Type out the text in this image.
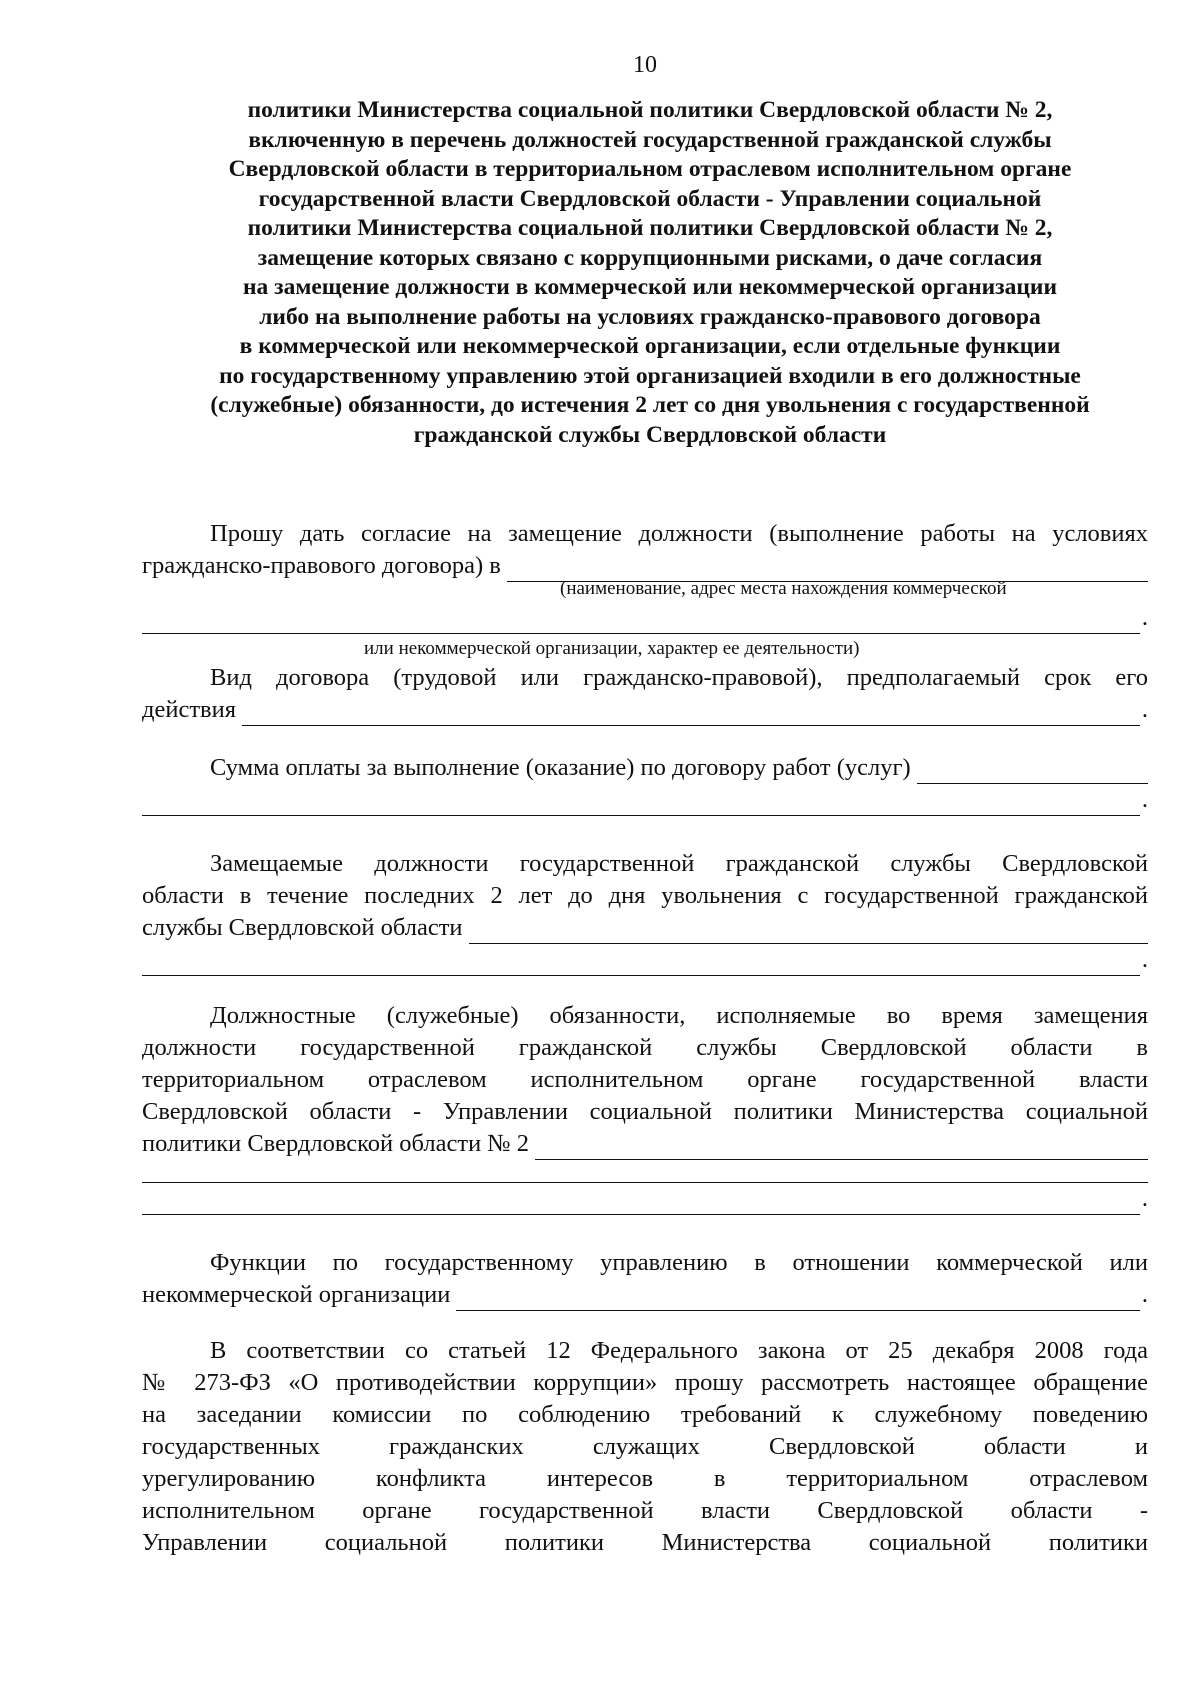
10
политики Министерства социальной политики Свердловской области № 2,
включенную в перечень должностей государственной гражданской службы
Свердловской области в территориальном отраслевом исполнительном органе
государственной власти Свердловской области - Управлении социальной
политики Министерства социальной политики Свердловской области № 2,
замещение которых связано с коррупционными рисками, о даче согласия
на замещение должности в коммерческой или некоммерческой организации
либо на выполнение работы на условиях гражданско-правового договора
в коммерческой или некоммерческой организации, если отдельные функции
по государственному управлению этой организацией входили в его должностные
(служебные) обязанности, до истечения 2 лет со дня увольнения с государственной
гражданской службы Свердловской области
Прошу дать согласие на замещение должности (выполнение работы на условиях
гражданско-правового договора) в
(наименование, адрес места нахождения коммерческой
.
или некоммерческой организации, характер ее деятельности)
Вид договора (трудовой или гражданско-правовой), предполагаемый срок его
действия	.
Сумма оплаты за выполнение (оказание) по договору работ (услуг)
.
Замещаемые должности государственной гражданской службы Свердловской
области в течение последних 2 лет до дня увольнения с государственной гражданской
службы Свердловской области
.
Должностные (служебные) обязанности, исполняемые во время замещения
должности государственной гражданской службы Свердловской области в
территориальном отраслевом исполнительном органе государственной власти
Свердловской области - Управлении социальной политики Министерства социальной
политики Свердловской области № 2
.
Функции по государственному управлению в отношении коммерческой или
некоммерческой организации	.
В соответствии со статьей 12 Федерального закона от 25 декабря 2008 года
№ 273-ФЗ «О противодействии коррупции» прошу рассмотреть настоящее обращение
на заседании комиссии по соблюдению требований к служебному поведению
государственных гражданских служащих Свердловской области и
урегулированию конфликта интересов в территориальном отраслевом
исполнительном органе государственной власти Свердловской области -
Управлении социальной политики Министерства социальной политики
